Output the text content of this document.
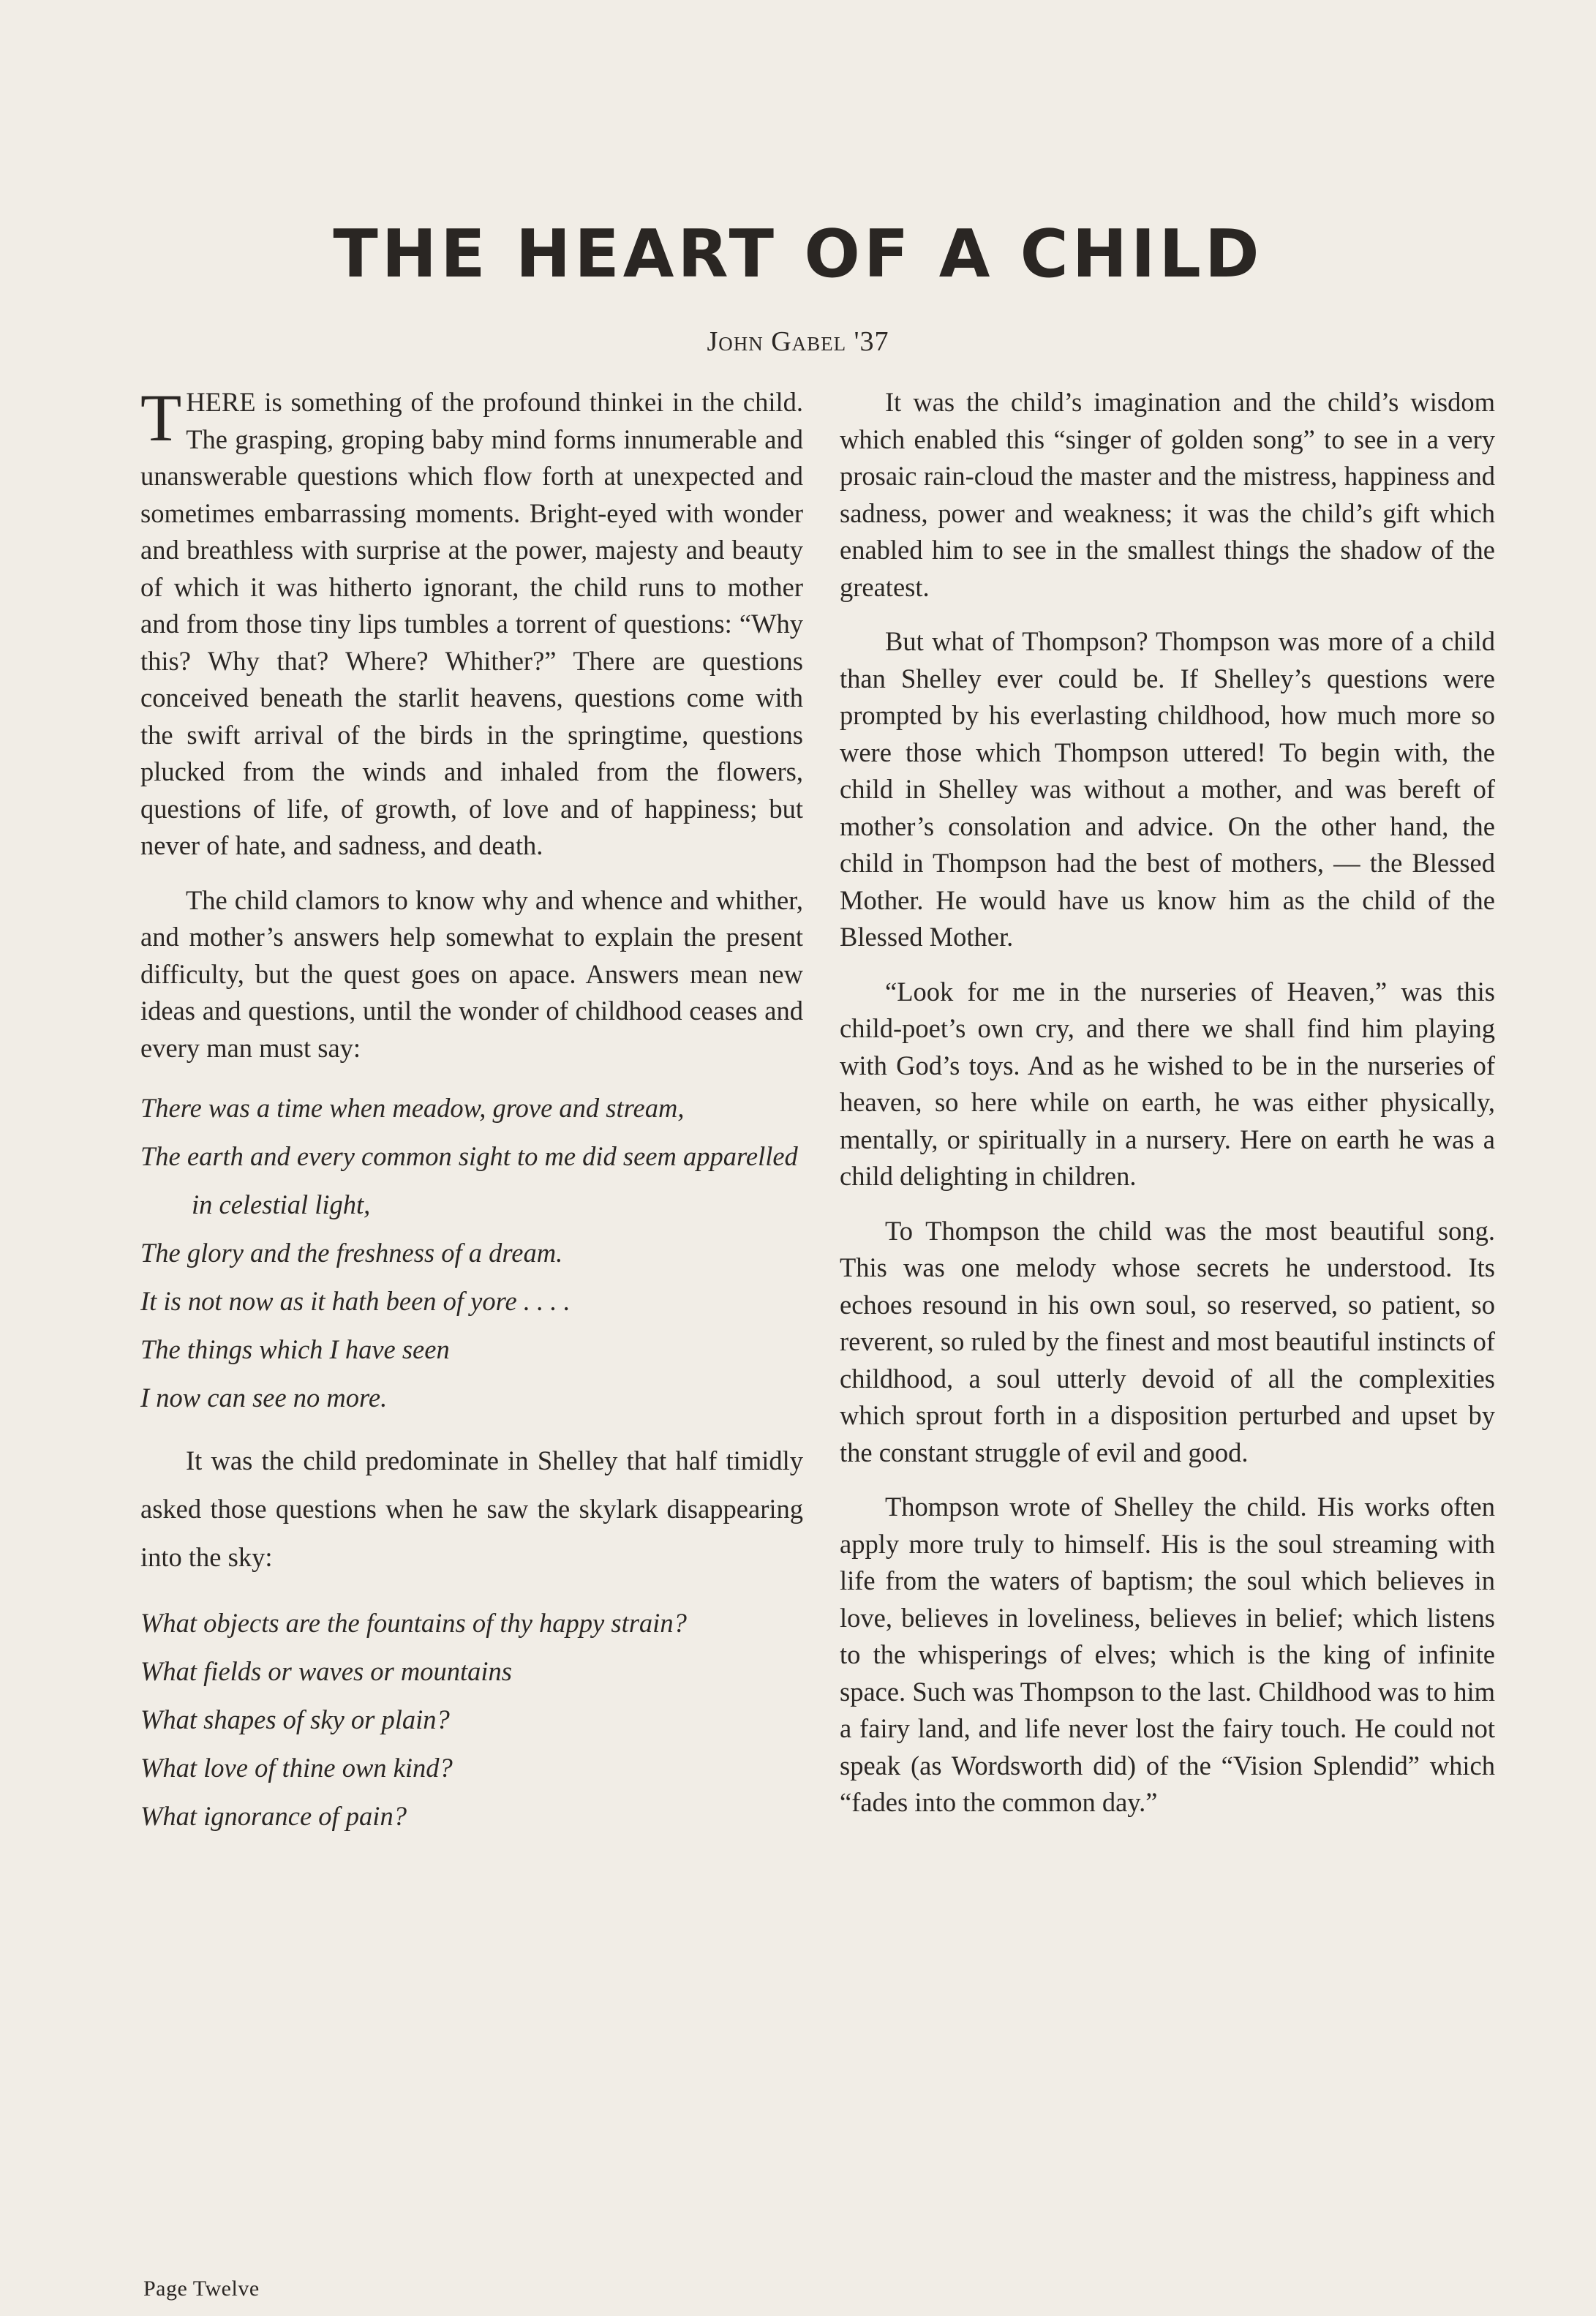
THE HEART OF A CHILD
John Gabel '37

THERE is something of the profound thinkei in the child. The grasping, groping baby mind forms innumerable and unanswerable questions which flow forth at unexpected and sometimes embarrassing moments. Bright-eyed with wonder and breathless with surprise at the power, majesty and beauty of which it was hitherto ignorant, the child runs to mother and from those tiny lips tumbles a torrent of questions: “Why this? Why that? Where? Whither?” There are questions conceived beneath the starlit heavens, questions come with the swift arrival of the birds in the springtime, questions plucked from the winds and inhaled from the flowers, questions of life, of growth, of love and of happiness; but never of hate, and sadness, and death.

The child clamors to know why and whence and whither, and mother’s answers help somewhat to explain the present difficulty, but the quest goes on apace. Answers mean new ideas and questions, until the wonder of childhood ceases and every man must say:

There was a time when meadow, grove and stream,
The earth and every common sight to me did seem apparelled in celestial light,
The glory and the freshness of a dream.
It is not now as it hath been of yore . . . .
The things which I have seen
I now can see no more.

It was the child predominate in Shelley that half timidly asked those questions when he saw the skylark disappearing into the sky:

What objects are the fountains of thy happy strain?
What fields or waves or mountains
What shapes of sky or plain?
What love of thine own kind?
What ignorance of pain?

It was the child’s imagination and the child’s wisdom which enabled this “singer of golden song” to see in a very prosaic rain-cloud the master and the mistress, happiness and sadness, power and weakness; it was the child’s gift which enabled him to see in the smallest things the shadow of the greatest.

But what of Thompson? Thompson was more of a child than Shelley ever could be. If Shelley’s questions were prompted by his everlasting childhood, how much more so were those which Thompson uttered! To begin with, the child in Shelley was without a mother, and was bereft of mother’s consolation and advice. On the other hand, the child in Thompson had the best of mothers, — the Blessed Mother. He would have us know him as the child of the Blessed Mother.

“Look for me in the nurseries of Heaven,” was this child-poet’s own cry, and there we shall find him playing with God’s toys. And as he wished to be in the nurseries of heaven, so here while on earth, he was either physically, mentally, or spiritually in a nursery. Here on earth he was a child delighting in children.

To Thompson the child was the most beautiful song. This was one melody whose secrets he understood. Its echoes resound in his own soul, so reserved, so patient, so reverent, so ruled by the finest and most beautiful instincts of childhood, a soul utterly devoid of all the complexities which sprout forth in a disposition perturbed and upset by the constant struggle of evil and good.

Thompson wrote of Shelley the child. His works often apply more truly to himself. His is the soul streaming with life from the waters of baptism; the soul which believes in love, believes in loveliness, believes in belief; which listens to the whisperings of elves; which is the king of infinite space. Such was Thompson to the last. Childhood was to him a fairy land, and life never lost the fairy touch. He could not speak (as Wordsworth did) of the “Vision Splendid” which “fades into the common day.”

Page Twelve
